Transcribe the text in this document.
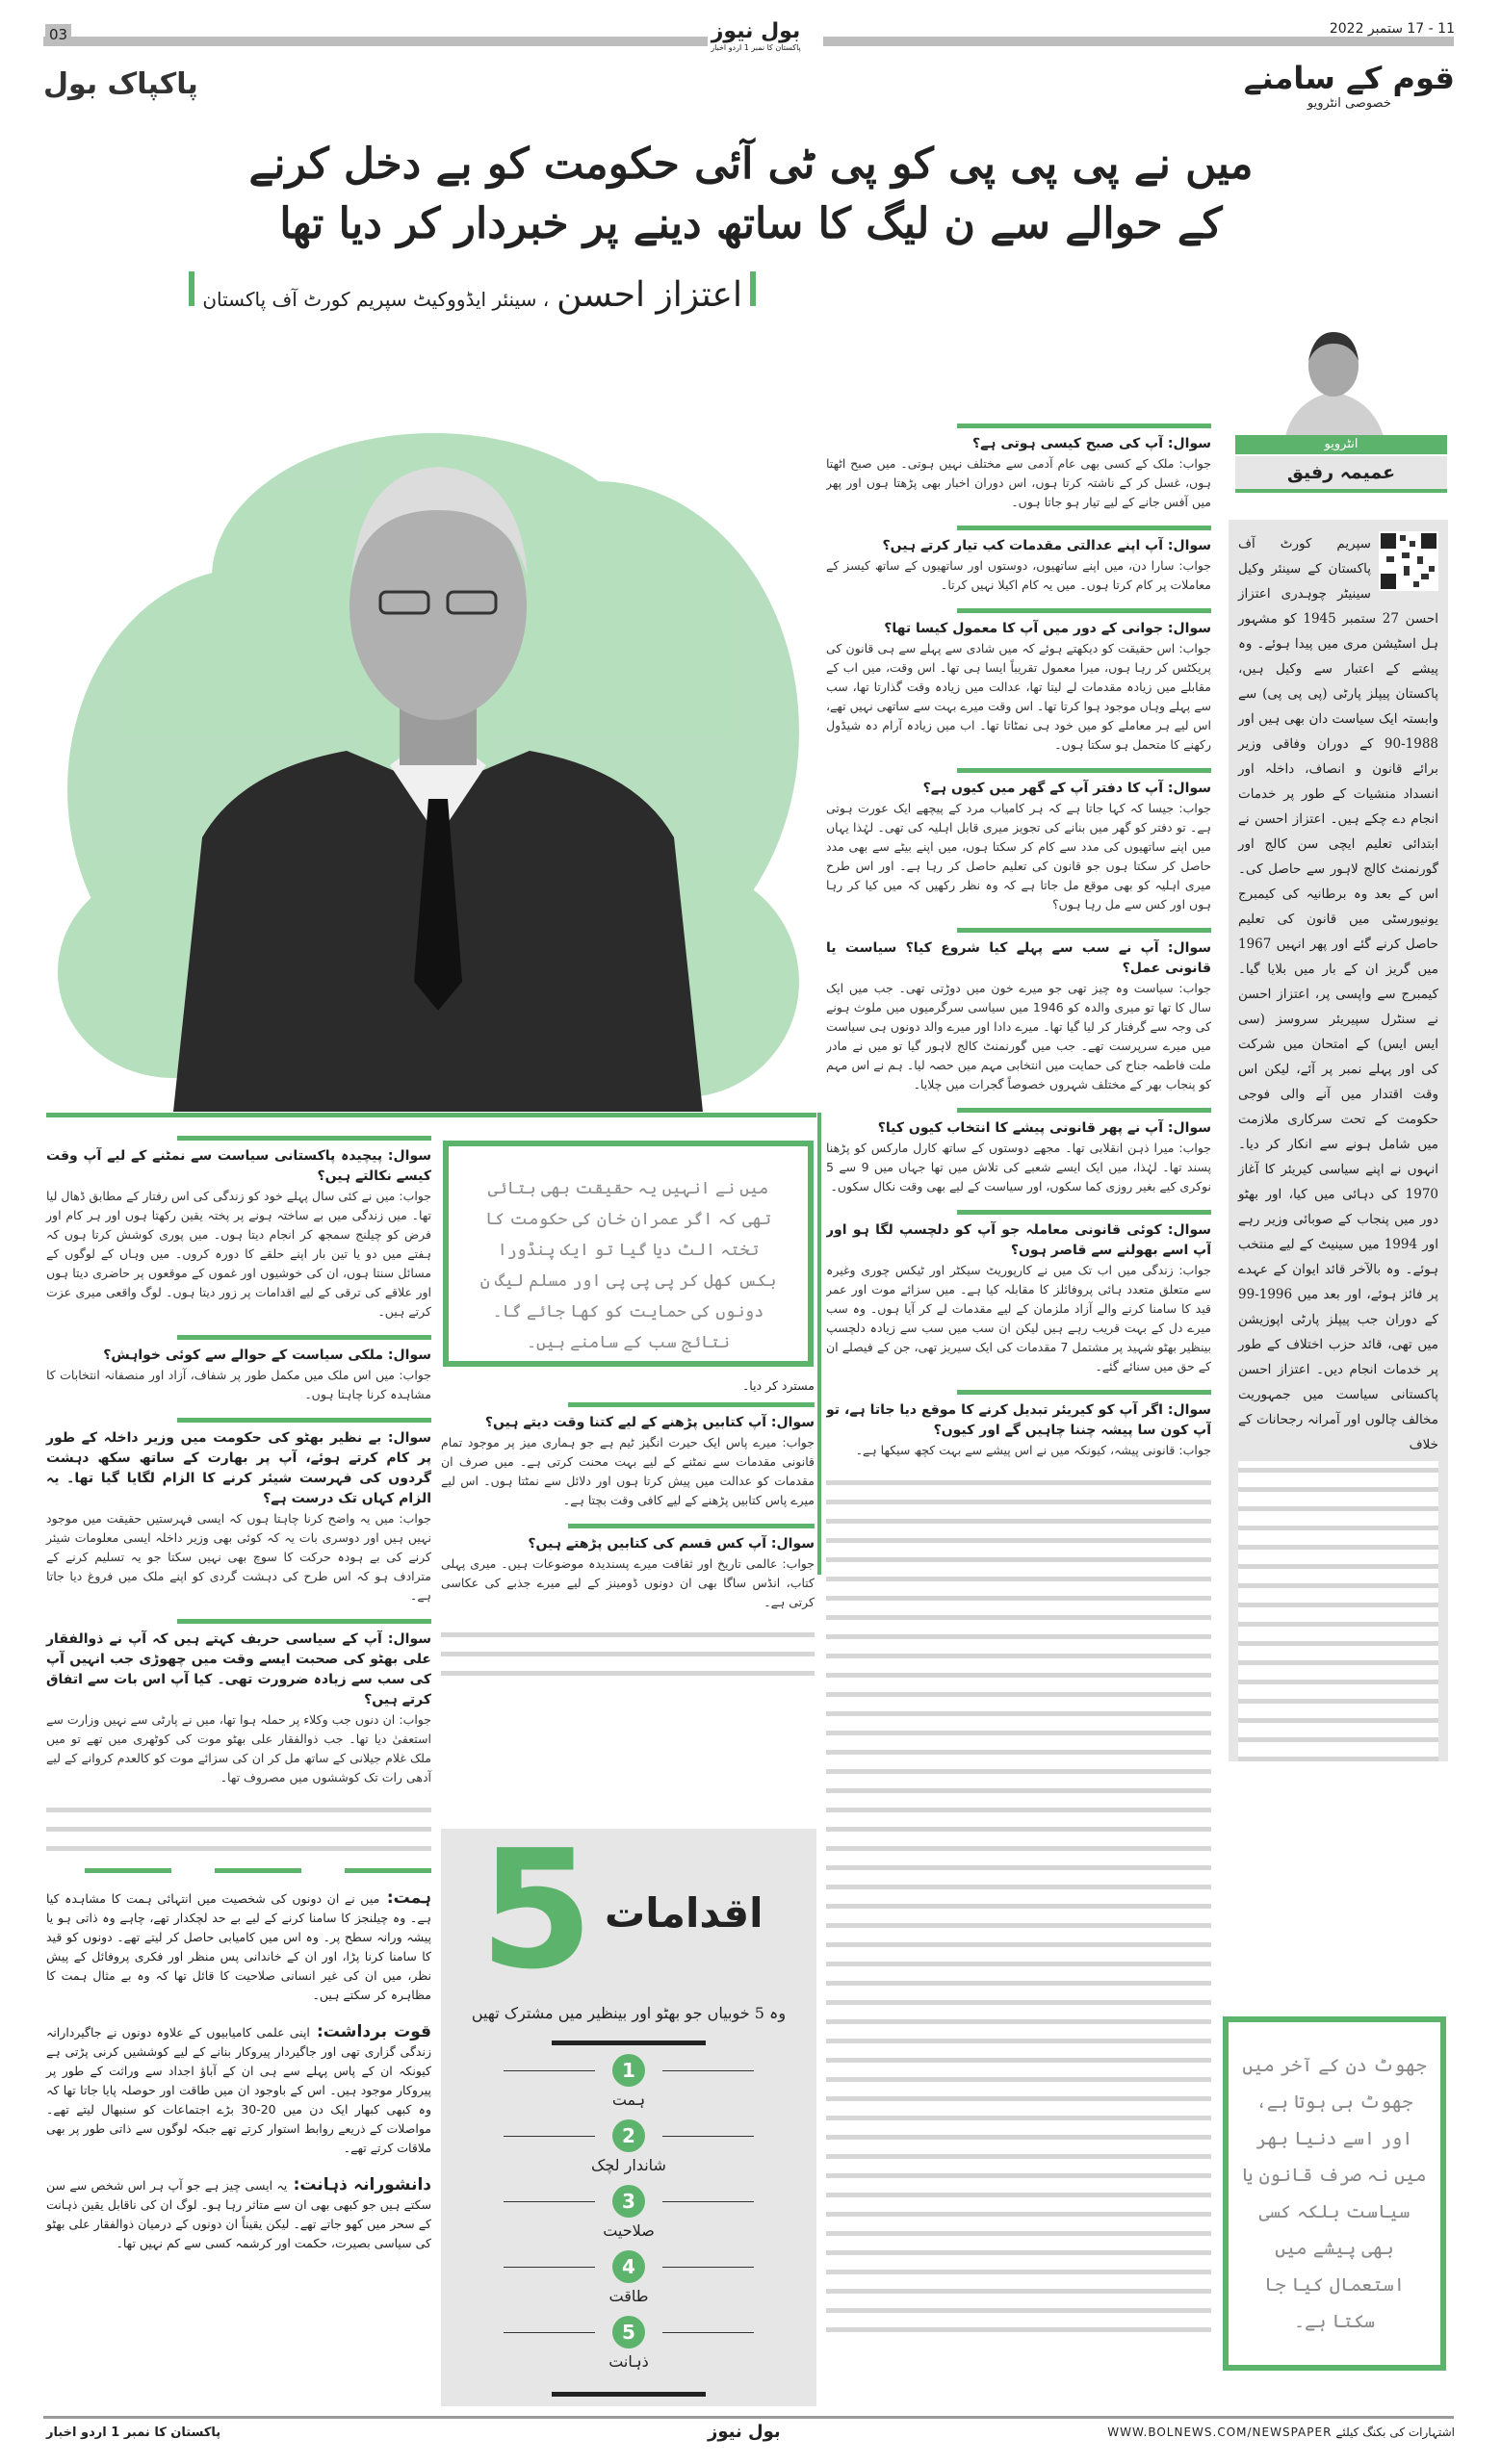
03	بول نیوز
پاکستان کا نمبر 1 اردو اخبار
11 - 17 ستمبر 2022
پاکپاک بول	قوم کے سامنے
خصوصی انٹرویو
میں نے پی پی پی کو پی ٹی آئی حکومت کو بے دخل کرنے
کے حوالے سے ن لیگ کا ساتھ دینے پر خبردار کر دیا تھا
اعتزاز احسن
، سینئر ایڈووکیٹ سپریم کورٹ آف پاکستان
سوال: آپ کی صبح کیسی ہوتی ہے؟
جواب: ملک کے کسی بھی عام آدمی سے مختلف نہیں ہوتی۔ میں صبح اٹھتا ہوں، غسل کر کے ناشتہ کرتا ہوں، اس دوران اخبار بھی پڑھتا ہوں اور پھر میں آفس جانے کے لیے تیار ہو جاتا ہوں۔
سوال: آپ اپنے عدالتی مقدمات کب تیار کرتے ہیں؟
جواب: سارا دن، میں اپنے ساتھیوں، دوستوں اور ساتھیوں کے ساتھ کیسز کے معاملات پر کام کرتا ہوں۔ میں یہ کام اکیلا نہیں کرتا۔
سوال: جوانی کے دور میں آپ کا معمول کیسا تھا؟
جواب: اس حقیقت کو دیکھتے ہوئے کہ میں شادی سے پہلے سے ہی قانون کی پریکٹس کر رہا ہوں، میرا معمول تقریباً ایسا ہی تھا۔ اس وقت، میں اب کے مقابلے میں زیادہ مقدمات لے لیتا تھا، عدالت میں زیادہ وقت گذارتا تھا، سب سے پہلے وہاں موجود ہوا کرتا تھا۔ اس وقت میرے بہت سے ساتھی نہیں تھے، اس لیے ہر معاملے کو میں خود ہی نمٹاتا تھا۔ اب میں زیادہ آرام دہ شیڈول رکھنے کا متحمل ہو سکتا ہوں۔
سوال: آپ کا دفتر آپ کے گھر میں کیوں ہے؟
جواب: جیسا کہ کہا جاتا ہے کہ ہر کامیاب مرد کے پیچھے ایک عورت ہوتی ہے۔ تو دفتر کو گھر میں بنانے کی تجویز میری قابل اہلیہ کی تھی۔ لہٰذا یہاں میں اپنے ساتھیوں کی مدد سے کام کر سکتا ہوں، میں اپنے بیٹے سے بھی مدد حاصل کر سکتا ہوں جو قانون کی تعلیم حاصل کر رہا ہے۔ اور اس طرح میری اہلیہ کو بھی موقع مل جاتا ہے کہ وہ نظر رکھیں کہ میں کیا کر رہا ہوں اور کس سے مل رہا ہوں؟
سوال: آپ نے سب سے پہلے کیا شروع کیا؟ سیاست یا قانونی عمل؟
جواب: سیاست وہ چیز تھی جو میرے خون میں دوڑتی تھی۔ جب میں ایک سال کا تھا تو میری والدہ کو 1946 میں سیاسی سرگرمیوں میں ملوث ہونے کی وجہ سے گرفتار کر لیا گیا تھا۔ میرے دادا اور میرے والد دونوں ہی سیاست میں میرے سرپرست تھے۔ جب میں گورنمنٹ کالج لاہور گیا تو میں نے مادر ملت فاطمہ جناح کی حمایت میں انتخابی مہم میں حصہ لیا۔ ہم نے اس مہم کو پنجاب بھر کے مختلف شہروں خصوصاً گجرات میں چلایا۔
سوال: آپ نے پھر قانونی پیشے کا انتخاب کیوں کیا؟
جواب: میرا ذہن انقلابی تھا۔ مجھے دوستوں کے ساتھ کارل مارکس کو پڑھنا پسند تھا۔ لہٰذا، میں ایک ایسے شعبے کی تلاش میں تھا جہاں میں 9 سے 5 نوکری کیے بغیر روزی کما سکوں، اور سیاست کے لیے بھی وقت نکال سکوں۔
سوال: کوئی قانونی معاملہ جو آپ کو دلچسپ لگا ہو اور آپ اسے بھولنے سے قاصر ہوں؟
جواب: زندگی میں اب تک میں نے کارپوریٹ سیکٹر اور ٹیکس چوری وغیرہ سے متعلق متعدد ہائی پروفائلز کا مقابلہ کیا ہے۔ میں سزائے موت اور عمر قید کا سامنا کرنے والے آزاد ملزمان کے لیے مقدمات لے کر آیا ہوں۔ وہ سب میرے دل کے بہت قریب رہے ہیں لیکن ان سب میں سب سے زیادہ دلچسپ بینظیر بھٹو شہید پر مشتمل 7 مقدمات کی ایک سیریز تھی، جن کے فیصلے ان کے حق میں سنائے گئے۔
سوال: اگر آپ کو کیریئر تبدیل کرنے کا موقع دیا جاتا ہے، تو آپ کون سا پیشہ چننا چاہیں گے اور کیوں؟
جواب: قانونی پیشہ، کیونکہ میں نے اس پیشے سے بہت کچھ سیکھا ہے۔
انٹرویو
عمیمہ رفیق
سپریم کورٹ آف پاکستان کے سینئر وکیل سینیٹر چوہدری اعتزاز احسن 27 ستمبر 1945 کو مشہور ہل اسٹیشن مری میں پیدا ہوئے۔ وہ پیشے کے اعتبار سے وکیل ہیں، پاکستان پیپلز پارٹی (پی پی پی) سے وابستہ ایک سیاست دان بھی ہیں اور 1988-90 کے دوران وفاقی وزیر برائے قانون و انصاف، داخلہ اور انسداد منشیات کے طور پر خدمات انجام دے چکے ہیں۔ اعتزاز احسن نے ابتدائی تعلیم ایچی سن کالج اور گورنمنٹ کالج لاہور سے حاصل کی۔ اس کے بعد وہ برطانیہ کی کیمبرج یونیورسٹی میں قانون کی تعلیم حاصل کرنے گئے اور پھر انہیں 1967 میں گریز ان کے بار میں بلایا گیا۔ کیمبرج سے واپسی پر، اعتزاز احسن نے سنٹرل سپیریئر سروسز (سی ایس ایس) کے امتحان میں شرکت کی اور پہلے نمبر پر آئے، لیکن اس وقت اقتدار میں آنے والی فوجی حکومت کے تحت سرکاری ملازمت میں شامل ہونے سے انکار کر دیا۔ انہوں نے اپنے سیاسی کیریئر کا آغاز 1970 کی دہائی میں کیا، اور بھٹو دور میں پنجاب کے صوبائی وزیر رہے اور 1994 میں سینیٹ کے لیے منتخب ہوئے۔ وہ بالآخر قائد ایوان کے عہدے پر فائز ہوئے، اور بعد میں 1996-99 کے دوران جب پیپلز پارٹی اپوزیشن میں تھی، قائد حزب اختلاف کے طور پر خدمات انجام دیں۔ اعتزاز احسن پاکستانی سیاست میں جمہوریت مخالف چالوں اور آمرانہ رجحانات کے خلاف
جھوٹ دن کے آخر میں جھوٹ ہی ہوتا ہے، اور اسے دنیا بھر میں نہ صرف قانون یا سیاست بلکہ کسی بھی پیشے میں استعمال کیا جا سکتا ہے۔
سوال: پیچیدہ پاکستانی سیاست سے نمٹنے کے لیے آپ وقت کیسے نکالتے ہیں؟
جواب: میں نے کئی سال پہلے خود کو زندگی کی اس رفتار کے مطابق ڈھال لیا تھا۔ میں زندگی میں بے ساختہ ہونے پر پختہ یقین رکھتا ہوں اور ہر کام اور فرض کو چیلنج سمجھ کر انجام دیتا ہوں۔ میں پوری کوشش کرتا ہوں کہ ہفتے میں دو یا تین بار اپنے حلقے کا دورہ کروں۔ میں وہاں کے لوگوں کے مسائل سنتا ہوں، ان کی خوشیوں اور غموں کے موقعوں پر حاضری دیتا ہوں اور علاقے کی ترقی کے لیے اقدامات پر زور دیتا ہوں۔ لوگ واقعی میری عزت کرتے ہیں۔
سوال: ملکی سیاست کے حوالے سے کوئی خواہش؟
جواب: میں اس ملک میں مکمل طور پر شفاف، آزاد اور منصفانہ انتخابات کا مشاہدہ کرنا چاہتا ہوں۔
سوال: بے نظیر بھٹو کی حکومت میں وزیر داخلہ کے طور پر کام کرتے ہوئے، آپ پر بھارت کے ساتھ سکھ دہشت گردوں کی فہرست شیئر کرنے کا الزام لگایا گیا تھا۔ یہ الزام کہاں تک درست ہے؟
جواب: میں یہ واضح کرنا چاہتا ہوں کہ ایسی فہرستیں حقیقت میں موجود نہیں ہیں اور دوسری بات یہ کہ کوئی بھی وزیر داخلہ ایسی معلومات شیئر کرنے کی بے ہودہ حرکت کا سوچ بھی نہیں سکتا جو یہ تسلیم کرنے کے مترادف ہو کہ اس طرح کی دہشت گردی کو اپنے ملک میں فروغ دیا جاتا ہے۔
سوال: آپ کے سیاسی حریف کہتے ہیں کہ آپ نے ذوالفقار علی بھٹو کی صحبت ایسے وقت میں چھوڑی جب انہیں آپ کی سب سے زیادہ ضرورت تھی۔ کیا آپ اس بات سے اتفاق کرتے ہیں؟
جواب: ان دنوں جب وکلاء پر حملہ ہوا تھا، میں نے پارٹی سے نہیں وزارت سے استعفیٰ دیا تھا۔ جب ذوالفقار علی بھٹو موت کی کوٹھری میں تھے تو میں ملک غلام جیلانی کے ساتھ مل کر ان کی سزائے موت کو کالعدم کروانے کے لیے آدھی رات تک کوششوں میں مصروف تھا۔
ہمت: میں نے ان دونوں کی شخصیت میں انتہائی ہمت کا مشاہدہ کیا ہے۔ وہ چیلنجز کا سامنا کرنے کے لیے بے حد لچکدار تھے، چاہے وہ ذاتی ہو یا پیشہ ورانہ سطح پر۔ وہ اس میں کامیابی حاصل کر لیتے تھے۔ دونوں کو قید کا سامنا کرنا پڑا، اور ان کے خاندانی پس منظر اور فکری پروفائل کے پیش نظر، میں ان کی غیر انسانی صلاحیت کا قائل تھا کہ وہ بے مثال ہمت کا مظاہرہ کر سکتے ہیں۔
قوت برداشت: اپنی علمی کامیابیوں کے علاوہ دونوں نے جاگیردارانہ زندگی گزاری تھی اور جاگیردار پیروکار بنانے کے لیے کوششیں کرنی پڑتی ہے کیونکہ ان کے پاس پہلے سے ہی ان کے آباؤ اجداد سے وراثت کے طور پر پیروکار موجود ہیں۔ اس کے باوجود ان میں طاقت اور حوصلہ پایا جاتا تھا کہ وہ کبھی کبھار ایک دن میں 20-30 بڑے اجتماعات کو سنبھال لیتے تھے۔ مواصلات کے ذریعے روابط استوار کرتے تھے جبکہ لوگوں سے ذاتی طور پر بھی ملاقات کرتے تھے۔
دانشورانہ ذہانت: یہ ایسی چیز ہے جو آپ ہر اس شخص سے سن سکتے ہیں جو کبھی بھی ان سے متاثر رہا ہو۔ لوگ ان کی ناقابل یقین ذہانت کے سحر میں کھو جاتے تھے۔ لیکن یقیناً ان دونوں کے درمیان ذوالفقار علی بھٹو کی سیاسی بصیرت، حکمت اور کرشمہ کسی سے کم نہیں تھا۔
میں نے انہیں یہ حقیقت بھی بتائی تھی کہ اگر عمران خان کی حکومت کا تختہ الٹ دیا گیا تو ایک پنڈورا بکس کھل کر پی پی پی اور مسلم لیگ ن دونوں کی حمایت کو کھا جائے گا۔ نتائج سب کے سامنے ہیں۔
مسترد کر دیا۔
سوال: آپ کتابیں پڑھنے کے لیے کتنا وقت دیتے ہیں؟
جواب: میرے پاس ایک حیرت انگیز ٹیم ہے جو ہماری میز پر موجود تمام قانونی مقدمات سے نمٹنے کے لیے بہت محنت کرتی ہے۔ میں صرف ان مقدمات کو عدالت میں پیش کرتا ہوں اور دلائل سے نمٹتا ہوں۔ اس لیے میرے پاس کتابیں پڑھنے کے لیے کافی وقت بچتا ہے۔
سوال: آپ کس قسم کی کتابیں پڑھتے ہیں؟
جواب: عالمی تاریخ اور ثقافت میرے پسندیدہ موضوعات ہیں۔ میری پہلی کتاب، انڈس ساگا بھی ان دونوں ڈومینز کے لیے میرے جذبے کی عکاسی کرتی ہے۔
5 اقدامات
وہ 5 خوبیاں جو بھٹو اور بینظیر میں مشترک تھیں
1
ہمت
2
شاندار لچک
3
صلاحیت
4
طاقت
5
ذہانت
پاکستان کا نمبر 1 اردو اخبار	بول نیوز	اشتہارات کی بکنگ کیلئے
WWW.BOLNEWS.COM/NEWSPAPER
